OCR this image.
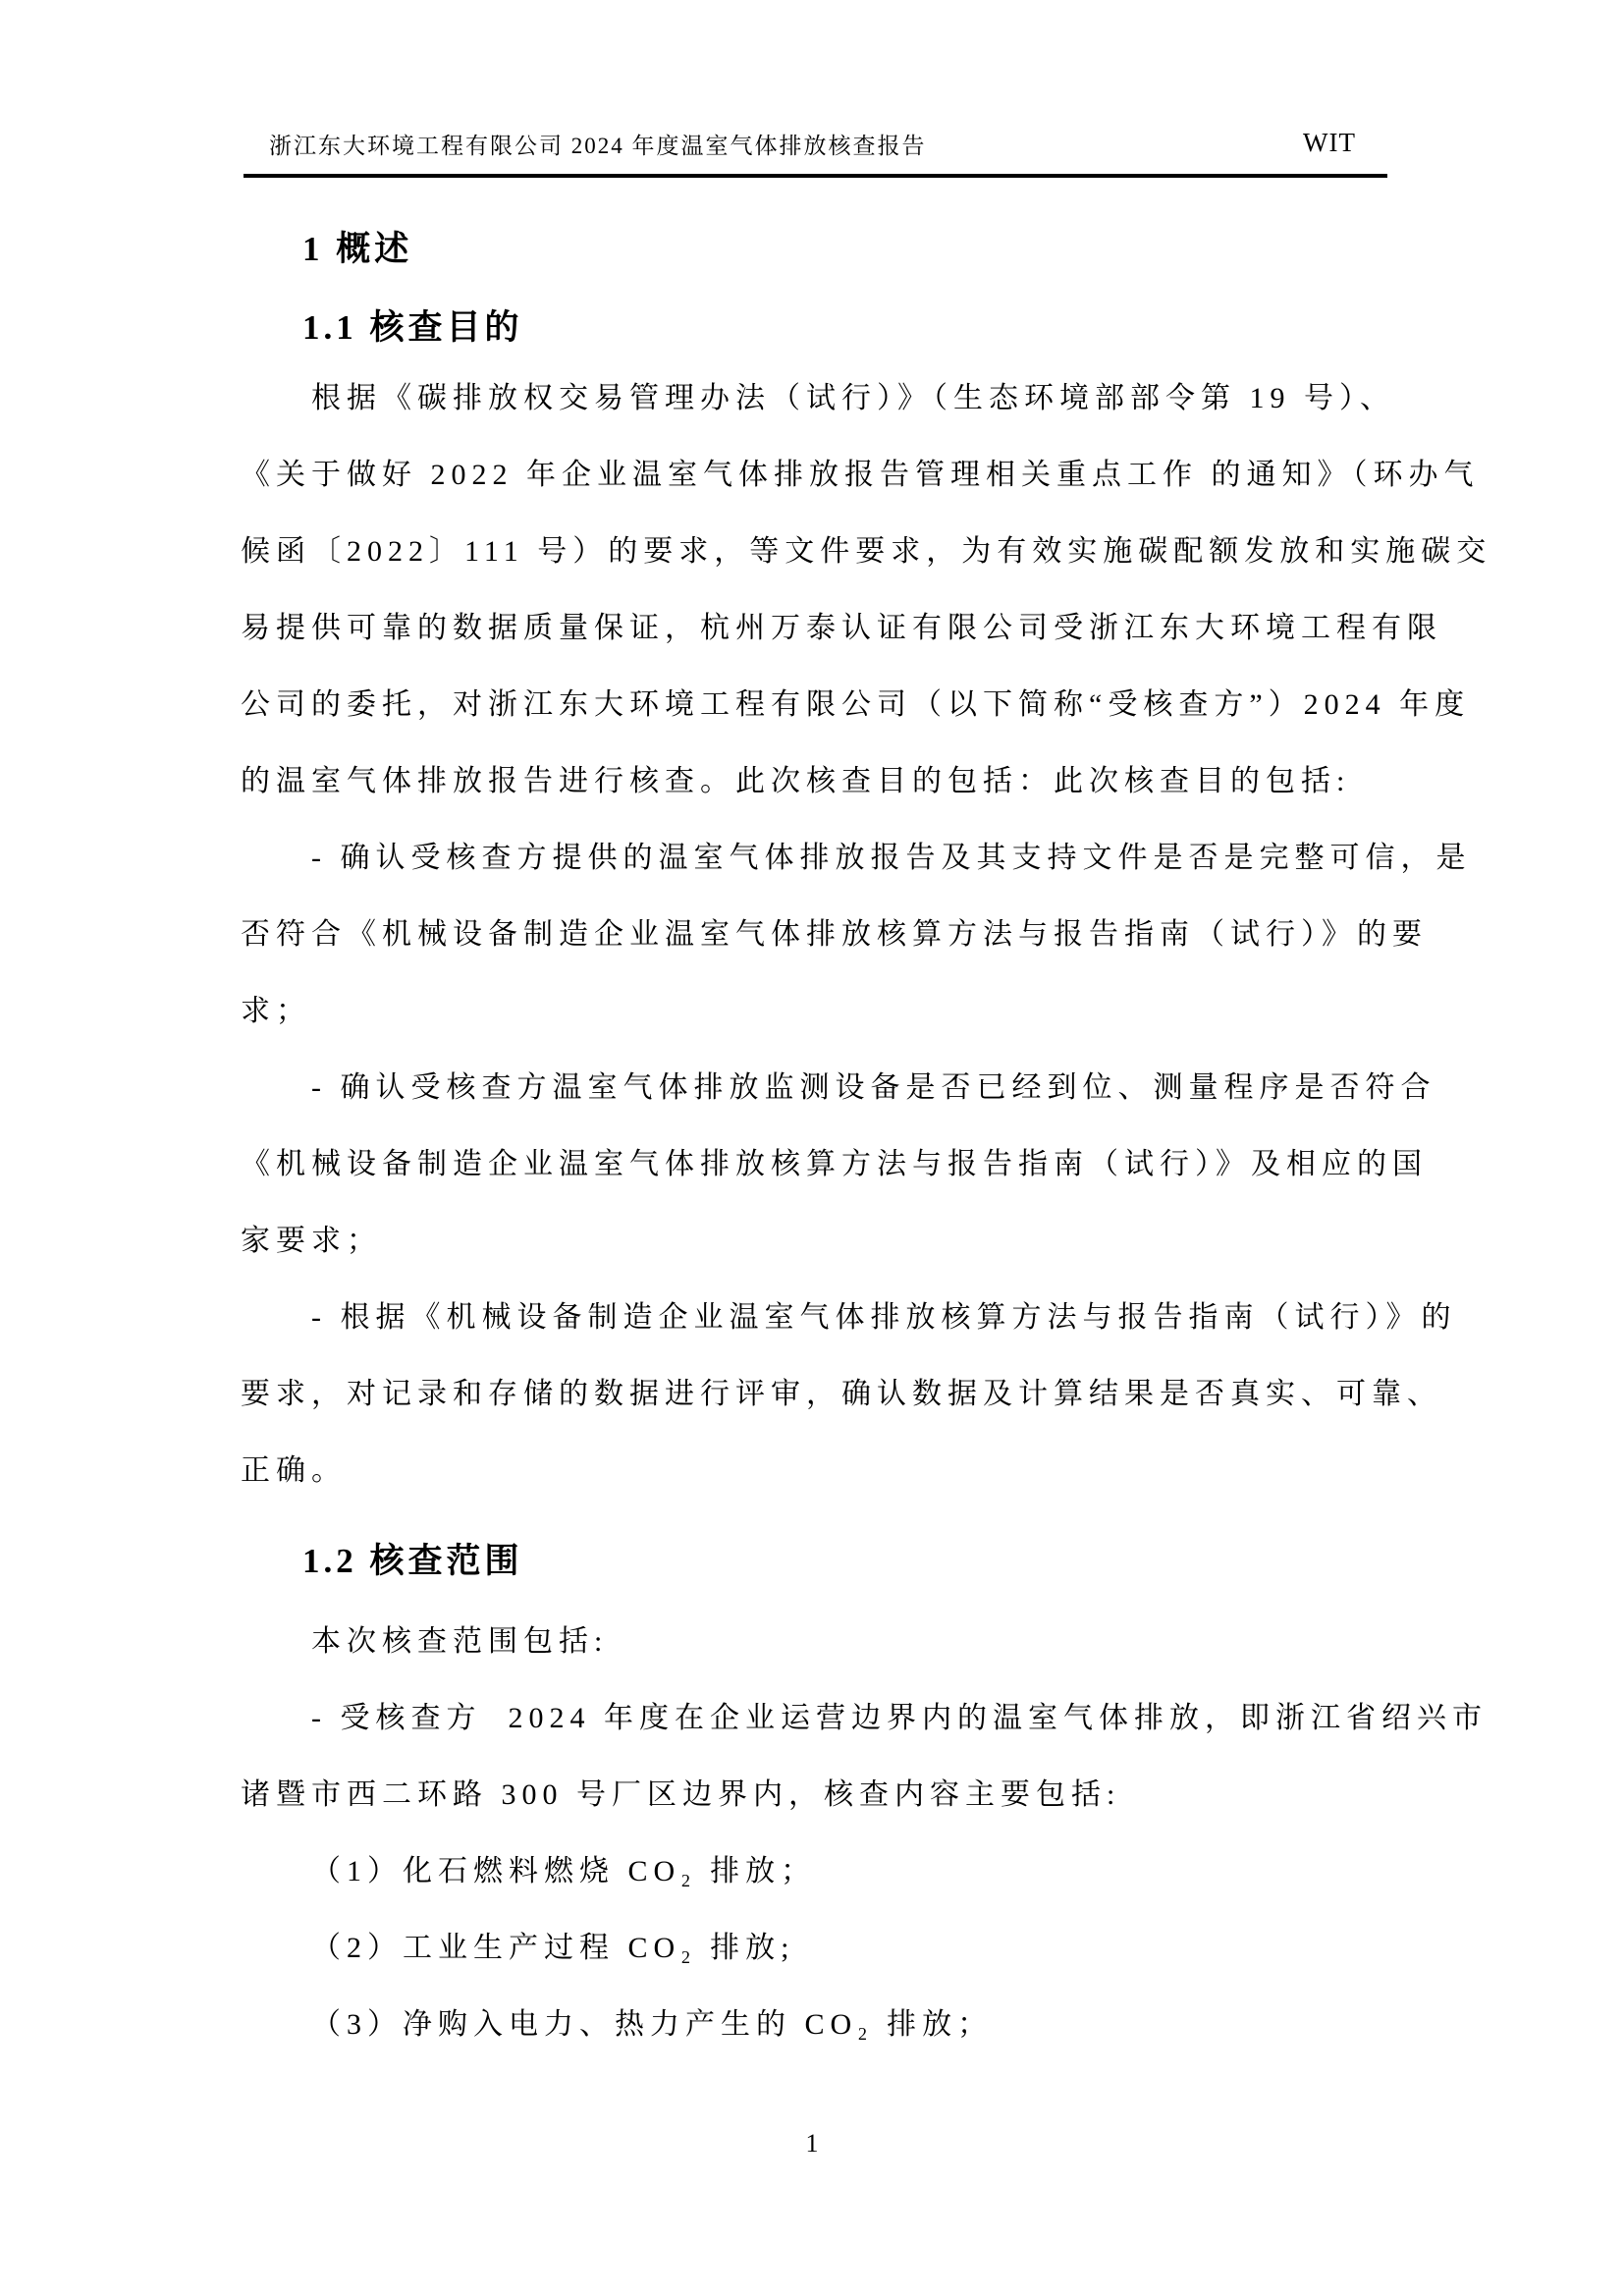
浙江东大环境工程有限公司 2024 年度温室气体排放核查报告	WIT
1 概述
1.1 核查目的
根据《碳排放权交易管理办法（试行）》（生态环境部部令第 19 号）、
《关于做好 2022 年企业温室气体排放报告管理相关重点工作 的通知》（环办气
候函〔2022〕111 号）的要求，等文件要求，为有效实施碳配额发放和实施碳交
易提供可靠的数据质量保证，杭州万泰认证有限公司受浙江东大环境工程有限
公司的委托，对浙江东大环境工程有限公司（以下简称“受核查方”）2024 年度
的温室气体排放报告进行核查。此次核查目的包括：此次核查目的包括:
- 确认受核查方提供的温室气体排放报告及其支持文件是否是完整可信，是
否符合《机械设备制造企业温室气体排放核算方法与报告指南（试行）》的要
求；
- 确认受核查方温室气体排放监测设备是否已经到位、测量程序是否符合
《机械设备制造企业温室气体排放核算方法与报告指南（试行）》及相应的国
家要求；
- 根据《机械设备制造企业温室气体排放核算方法与报告指南（试行）》的
要求，对记录和存储的数据进行评审，确认数据及计算结果是否真实、可靠、
正确。
1.2 核查范围
本次核查范围包括:
- 受核查方  2024 年度在企业运营边界内的温室气体排放，即浙江省绍兴市
诸暨市西二环路 300 号厂区边界内，核查内容主要包括:
（1）化石燃料燃烧 CO₂ 排放；
（2）工业生产过程 CO₂ 排放;
（3）净购入电力、热力产生的 CO₂ 排放；
1
